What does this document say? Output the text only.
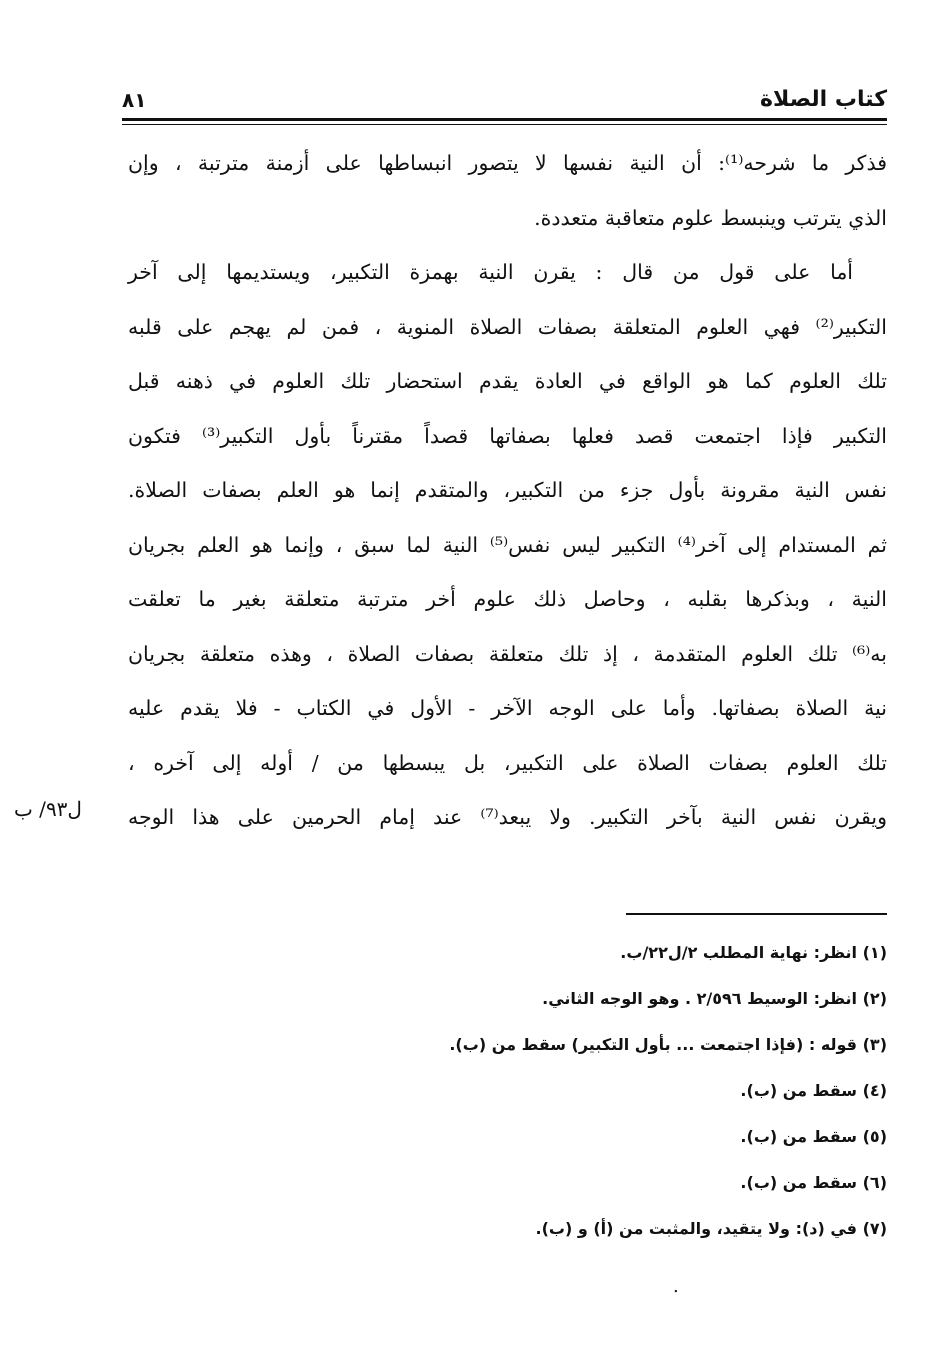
كتاب الصلاة
٨١
فذكر ما شرحه⁽¹⁾: أن النية نفسها لا يتصور انبساطها على أزمنة مترتبة ، وإن
الذي يترتب وينبسط علوم متعاقبة متعددة.
أما على قول من قال : يقرن النية بهمزة التكبير، ويستديمها إلى آخر
التكبير⁽²⁾ فهي العلوم المتعلقة بصفات الصلاة المنوية ، فمن لم يهجم على قلبه
تلك العلوم كما هو الواقع في العادة يقدم استحضار تلك العلوم في ذهنه قبل
التكبير فإذا اجتمعت قصد فعلها بصفاتها قصداً مقترناً بأول التكبير⁽³⁾ فتكون
نفس النية مقرونة بأول جزء من التكبير، والمتقدم إنما هو العلم بصفات الصلاة.
ثم المستدام إلى آخر⁽⁴⁾ التكبير ليس نفس⁽⁵⁾ النية لما سبق ، وإنما هو العلم بجريان
النية ، وبذكرها بقلبه ، وحاصل ذلك علوم أخر مترتبة متعلقة بغير ما تعلقت
به⁽⁶⁾ تلك العلوم المتقدمة ، إذ تلك متعلقة بصفات الصلاة ، وهذه متعلقة بجريان
نية الصلاة بصفاتها. وأما على الوجه الآخر - الأول في الكتاب - فلا يقدم عليه
تلك العلوم بصفات الصلاة على التكبير، بل يبسطها من / أوله إلى آخره ،
ويقرن نفس النية بآخر التكبير. ولا يبعد⁽⁷⁾ عند إمام الحرمين على هذا الوجه
ل٩٣/ ب
(١) انظر: نهاية المطلب ٢/ل٢٢/ب.
(٢) انظر: الوسيط ٢/٥٩٦ . وهو الوجه الثاني.
(٣) قوله : (فإذا اجتمعت ... بأول التكبير) سقط من (ب).
(٤) سقط من (ب).
(٥) سقط من (ب).
(٦) سقط من (ب).
(٧) في (د): ولا يتقيد، والمثبت من (أ) و (ب).
.
